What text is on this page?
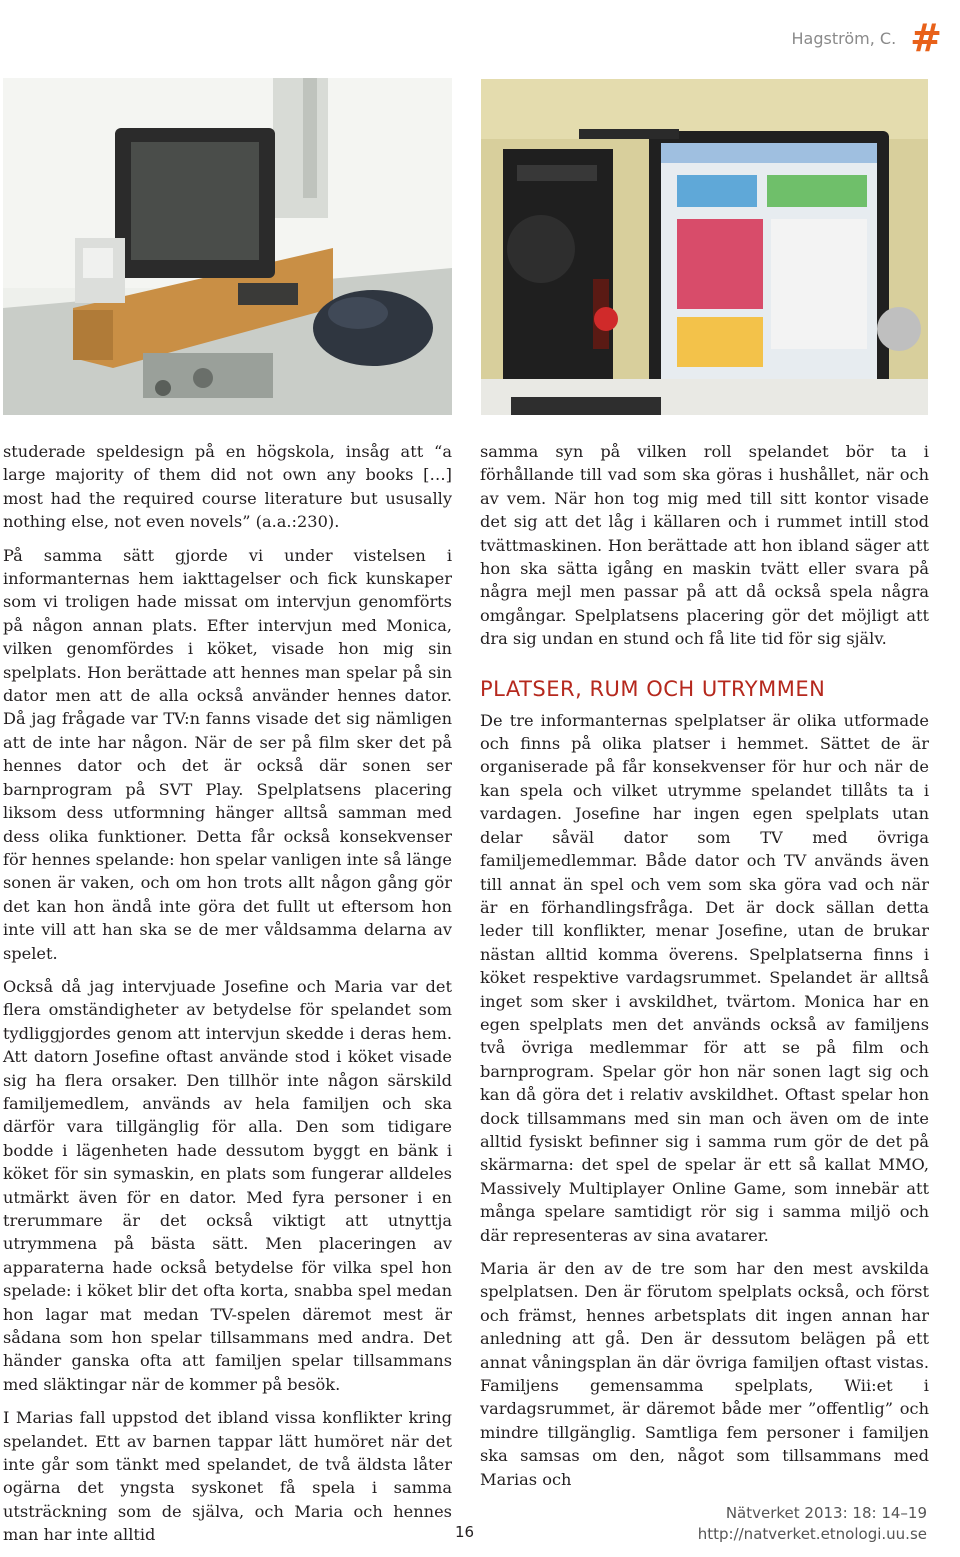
Hagström, C. #

studerade speldesign på en högskola, insåg att “a large majority of them did not own any books […] most had the required course literature but ususally nothing else, not even novels” (a.a.:230).

På samma sätt gjorde vi under vistelsen i informanternas hem iakttagelser och fick kunskaper som vi troligen hade missat om intervjun genomförts på någon annan plats. Efter intervjun med Monica, vilken genomfördes i köket, visade hon mig sin spelplats. Hon berättade att hennes man spelar på sin dator men att de alla också använder hennes dator. Då jag frågade var TV:n fanns visade det sig nämligen att de inte har någon. När de ser på film sker det på hennes dator och det är också där sonen ser barnprogram på SVT Play. Spelplatsens placering liksom dess utformning hänger alltså samman med dess olika funktioner. Detta får också konsekvenser för hennes spelande: hon spelar vanligen inte så länge sonen är vaken, och om hon trots allt någon gång gör det kan hon ändå inte göra det fullt ut eftersom hon inte vill att han ska se de mer våldsamma delarna av spelet.

Också då jag intervjuade Josefine och Maria var det flera omständigheter av betydelse för spelandet som tydliggjordes genom att intervjun skedde i deras hem. Att datorn Josefine oftast använde stod i köket visade sig ha flera orsaker. Den tillhör inte någon särskild familjemedlem, används av hela familjen och ska därför vara tillgänglig för alla. Den som tidigare bodde i lägenheten hade dessutom byggt en bänk i köket för sin symaskin, en plats som fungerar alldeles utmärkt även för en dator. Med fyra personer i en trerummare är det också viktigt att utnyttja utrymmena på bästa sätt. Men placeringen av apparaterna hade också betydelse för vilka spel hon spelade: i köket blir det ofta korta, snabba spel medan hon lagar mat medan TV-spelen däremot mest är sådana som hon spelar tillsammans med andra. Det händer ganska ofta att familjen spelar tillsammans med släktingar när de kommer på besök.

I Marias fall uppstod det ibland vissa konflikter kring spelandet. Ett av barnen tappar lätt humöret när det inte går som tänkt med spelandet, de två äldsta låter ogärna det yngsta syskonet få spela i samma utsträckning som de själva, och Maria och hennes man har inte alltid

samma syn på vilken roll spelandet bör ta i förhållande till vad som ska göras i hushållet, när och av vem. När hon tog mig med till sitt kontor visade det sig att det låg i källaren och i rummet intill stod tvättmaskinen. Hon berättade att hon ibland säger att hon ska sätta igång en maskin tvätt eller svara på några mejl men passar på att då också spela några omgångar. Spelplatsens placering gör det möjligt att dra sig undan en stund och få lite tid för sig själv.

PLATSER, RUM OCH UTRYMMEN

De tre informanternas spelplatser är olika utformade och finns på olika platser i hemmet. Sättet de är organiserade på får konsekvenser för hur och när de kan spela och vilket utrymme spelandet tillåts ta i vardagen. Josefine har ingen egen spelplats utan delar såväl dator som TV med övriga familjemedlemmar. Både dator och TV används även till annat än spel och vem som ska göra vad och när är en förhandlingsfråga. Det är dock sällan detta leder till konflikter, menar Josefine, utan de brukar nästan alltid komma överens. Spelplatserna finns i köket respektive vardagsrummet. Spelandet är alltså inget som sker i avskildhet, tvärtom. Monica har en egen spelplats men det används också av familjens två övriga medlemmar för att se på film och barnprogram. Spelar gör hon när sonen lagt sig och kan då göra det i relativ avskildhet. Oftast spelar hon dock tillsammans med sin man och även om de inte alltid fysiskt befinner sig i samma rum gör de det på skärmarna: det spel de spelar är ett så kallat MMO, Massively Multiplayer Online Game, som innebär att många spelare samtidigt rör sig i samma miljö och där representeras av sina avatarer.

Maria är den av de tre som har den mest avskilda spelplatsen. Den är förutom spelplats också, och först och främst, hennes arbetsplats dit ingen annan har anledning att gå. Den är dessutom belägen på ett annat våningsplan än där övriga familjen oftast vistas. Familjens gemensamma spelplats, Wii:et i vardagsrummet, är däremot både mer ”offentlig” och mindre tillgänglig. Samtliga fem personer i familjen ska samsas om den, något som tillsammans med Marias och

16
Nätverket 2013: 18: 14–19
http://natverket.etnologi.uu.se
